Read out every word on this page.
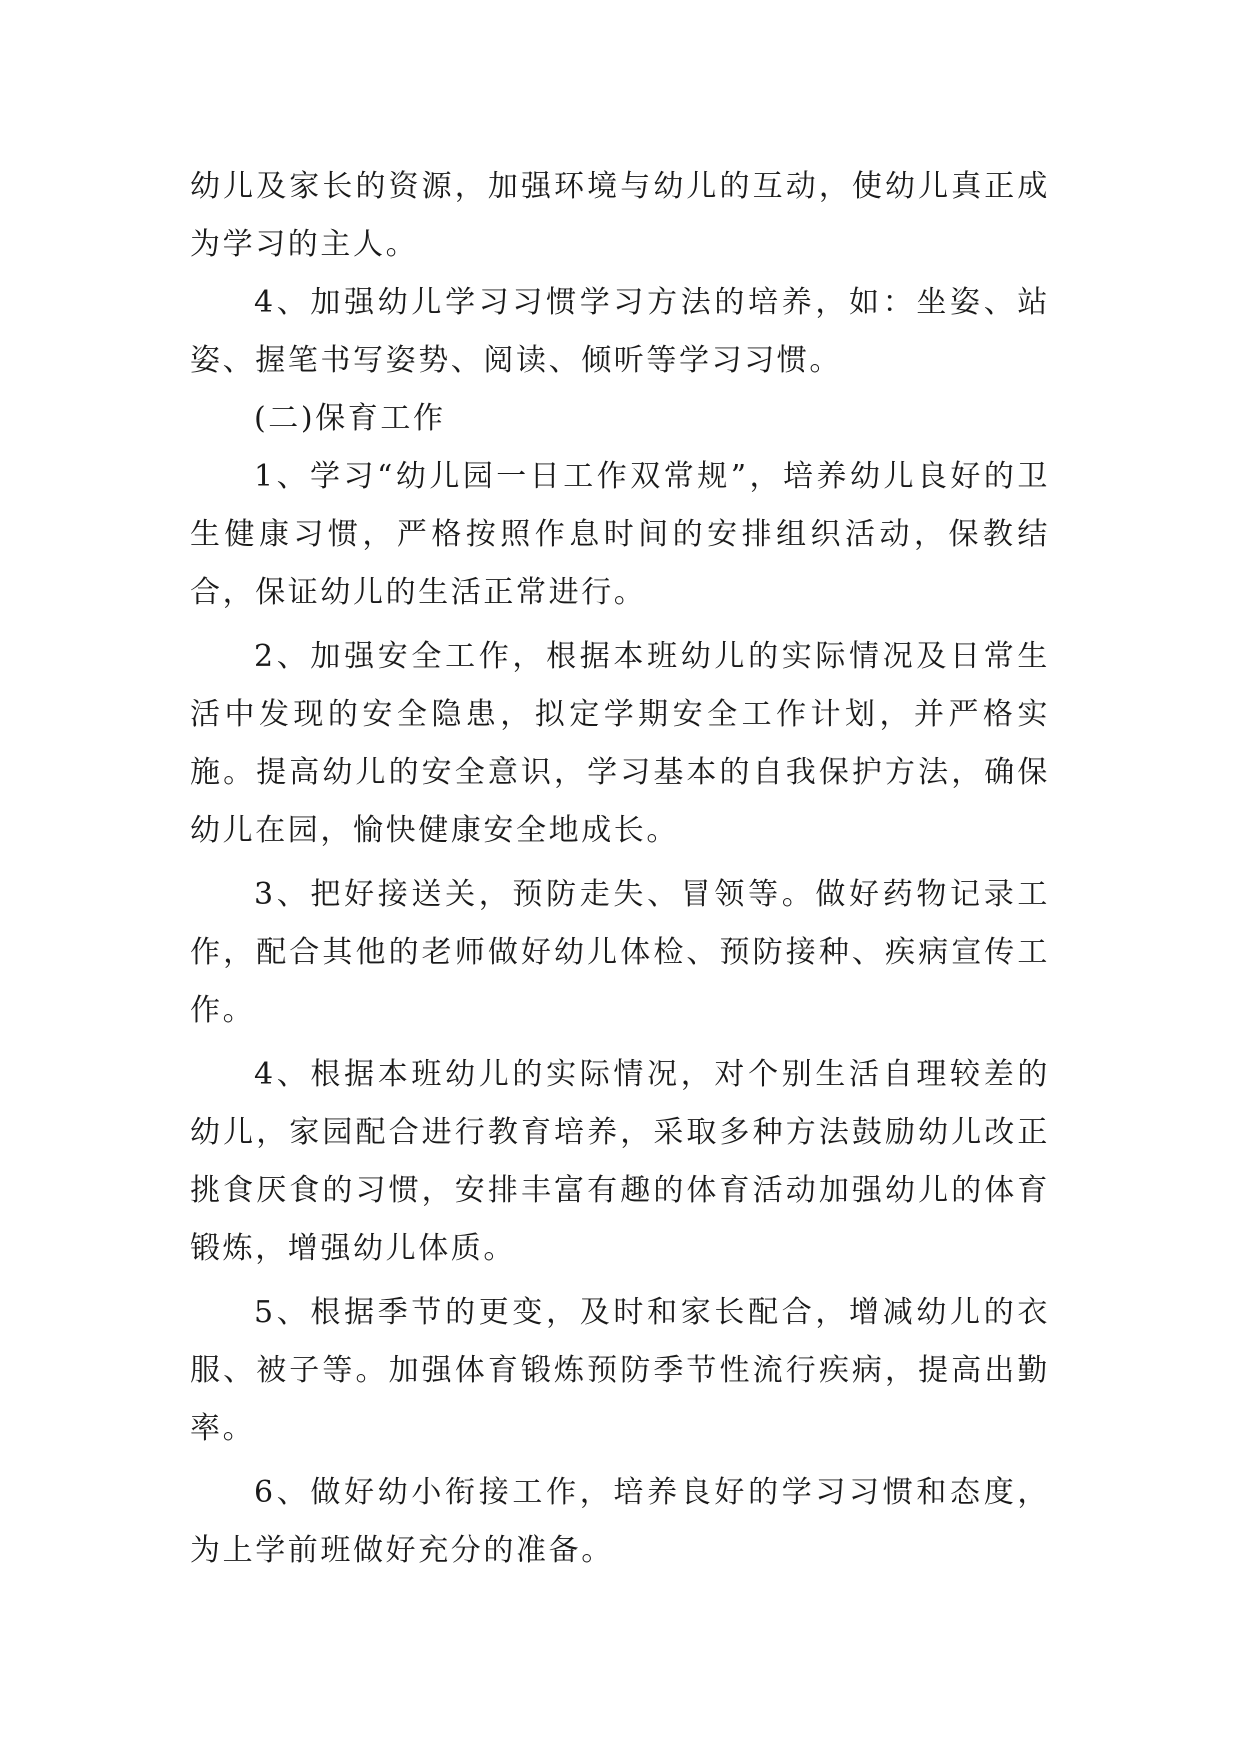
幼儿及家长的资源，加强环境与幼儿的互动，使幼儿真正成为学习的主人。

4、加强幼儿学习习惯学习方法的培养，如：坐姿、站姿、握笔书写姿势、阅读、倾听等学习习惯。

(二)保育工作

1、学习“幼儿园一日工作双常规”，培养幼儿良好的卫生健康习惯，严格按照作息时间的安排组织活动，保教结合，保证幼儿的生活正常进行。

2、加强安全工作，根据本班幼儿的实际情况及日常生活中发现的安全隐患，拟定学期安全工作计划，并严格实施。提高幼儿的安全意识，学习基本的自我保护方法，确保幼儿在园，愉快健康安全地成长。

3、把好接送关，预防走失、冒领等。做好药物记录工作，配合其他的老师做好幼儿体检、预防接种、疾病宣传工作。

4、根据本班幼儿的实际情况，对个别生活自理较差的幼儿，家园配合进行教育培养，采取多种方法鼓励幼儿改正挑食厌食的习惯，安排丰富有趣的体育活动加强幼儿的体育锻炼，增强幼儿体质。

5、根据季节的更变，及时和家长配合，增减幼儿的衣服、被子等。加强体育锻炼预防季节性流行疾病，提高出勤率。

6、做好幼小衔接工作，培养良好的学习习惯和态度，为上学前班做好充分的准备。
